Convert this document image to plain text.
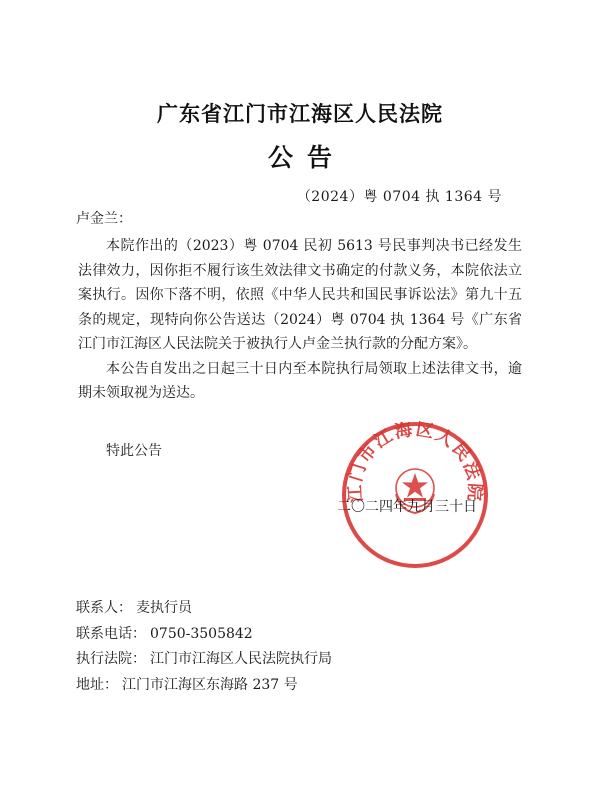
广东省江门市江海区人民法院
公告
（2024）粤 0704 执 1364 号
卢金兰：

本院作出的（2023）粤 0704 民初 5613 号民事判决书已经发生法律效力，因你拒不履行该生效法律文书确定的付款义务，本院依法立案执行。因你下落不明，依照《中华人民共和国民事诉讼法》第九十五条的规定，现特向你公告送达（2024）粤 0704 执 1364 号《广东省江门市江海区人民法院关于被执行人卢金兰执行款的分配方案》。

本公告自发出之日起三十日内至本院执行局领取上述法律文书，逾期未领取视为送达。

特此公告
江门市江海区人民法院
二〇二四年九月三十日
联系人： 麦执行员
联系电话： 0750-3505842
执行法院： 江门市江海区人民法院执行局
地址： 江门市江海区东海路 237 号
